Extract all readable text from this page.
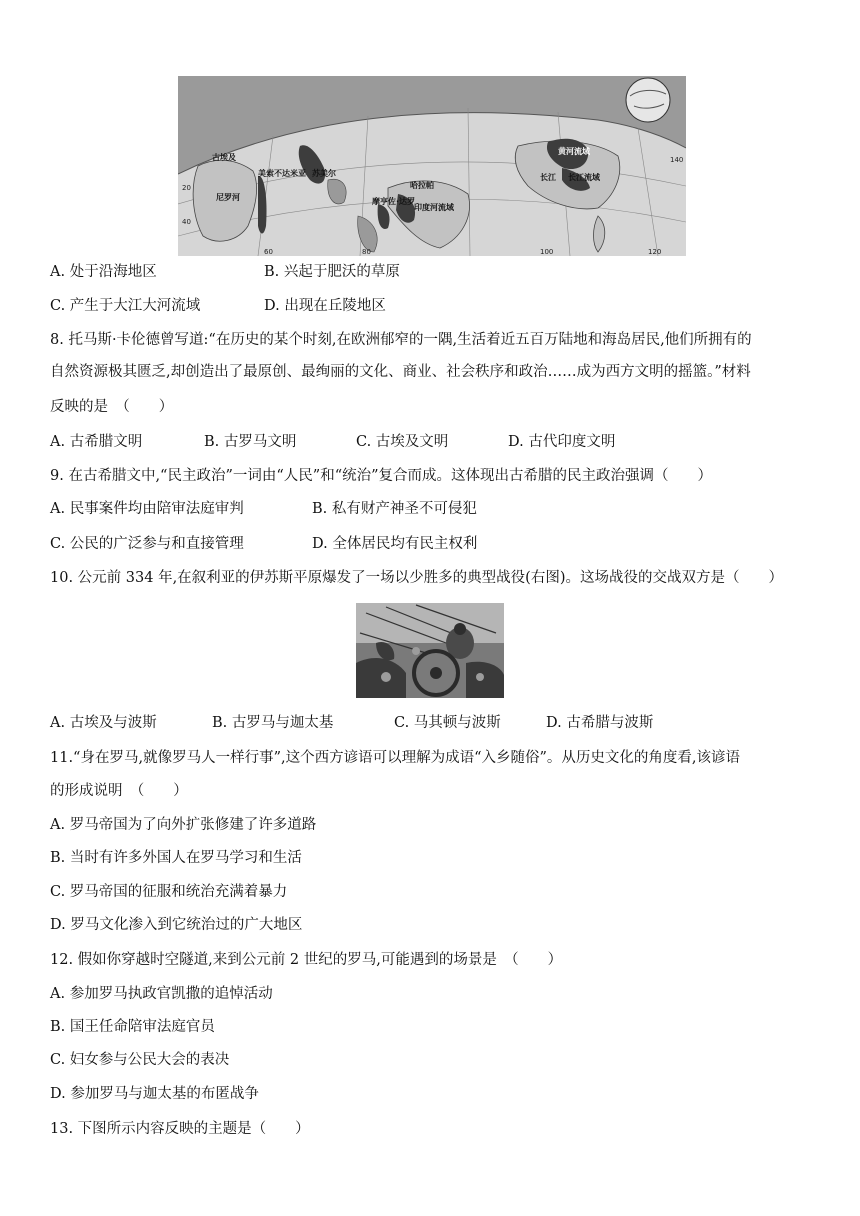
古埃及
尼罗河
美索不达米亚 苏美尔
摩亨佐·达罗
印度河流域
哈拉帕
黄河流域
长江流域
长江
60	80	100	120
20
40
140
A. 处于沿海地区	B. 兴起于肥沃的草原
C. 产生于大江大河流域	D. 出现在丘陵地区
8. 托马斯·卡伦德曾写道:“在历史的某个时刻,在欧洲郁窄的一隅,生活着近五百万陆地和海岛居民,他们所拥有的
自然资源极其匮乏,却创造出了最原创、最绚丽的文化、商业、社会秩序和政治……成为西方文明的摇篮。”材料
反映的是　（　　）
A. 古希腊文明	B. 古罗马文明	C. 古埃及文明	D. 古代印度文明
9. 在古希腊文中,“民主政治”一词由“人民”和“统治”复合而成。这体现出古希腊的民主政治强调（　　）
A. 民事案件均由陪审法庭审判	B. 私有财产神圣不可侵犯
C. 公民的广泛参与和直接管理	D. 全体居民均有民主权利
10. 公元前 334 年,在叙利亚的伊苏斯平原爆发了一场以少胜多的典型战役(右图)。这场战役的交战双方是（　　）
A. 古埃及与波斯	B. 古罗马与迦太基	C. 马其顿与波斯	D. 古希腊与波斯
11.“身在罗马,就像罗马人一样行事”,这个西方谚语可以理解为成语“入乡随俗”。从历史文化的角度看,该谚语
的形成说明　（　　）
A. 罗马帝国为了向外扩张修建了许多道路
B. 当时有许多外国人在罗马学习和生活
C. 罗马帝国的征服和统治充满着暴力
D. 罗马文化渗入到它统治过的广大地区
12. 假如你穿越时空隧道,来到公元前 2 世纪的罗马,可能遇到的场景是　（　　）
A. 参加罗马执政官凯撒的追悼活动
B. 国王任命陪审法庭官员
C. 妇女参与公民大会的表决
D. 参加罗马与迦太基的布匿战争
13. 下图所示内容反映的主题是（　　）
